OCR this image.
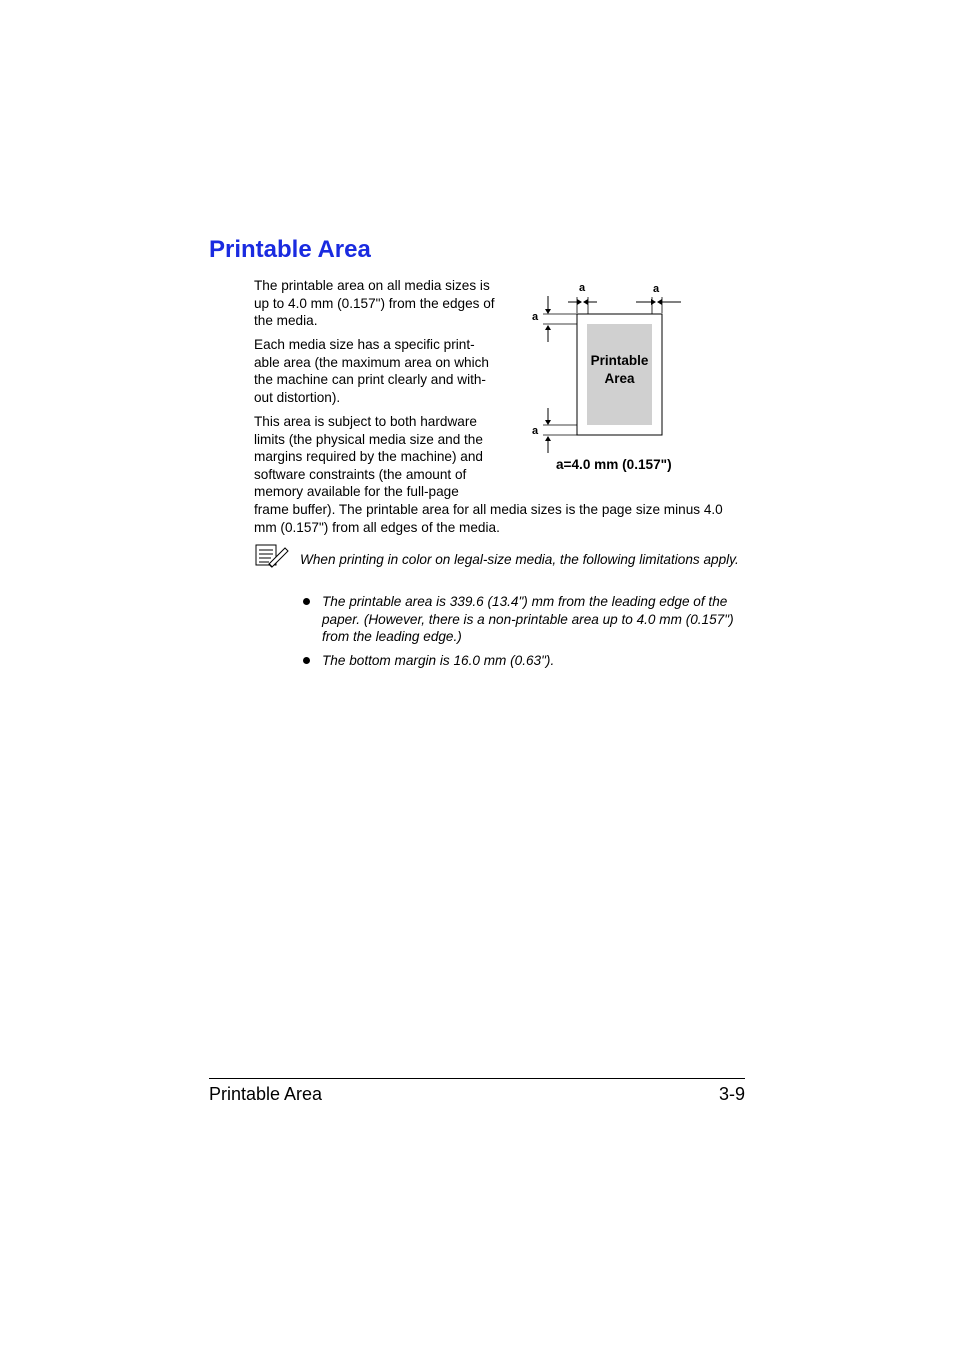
Printable Area

The printable area on all media sizes is up to 4.0 mm (0.157") from the edges of the media.

Each media size has a specific print-
able area (the maximum area on which the machine can print clearly and with-
out distortion).

This area is subject to both hardware limits (the physical media size and the margins required by the machine) and software constraints (the amount of memory available for the full-page

frame buffer). The printable area for all media sizes is the page size minus 4.0 mm (0.157") from all edges of the media.

a	a
a
a
Printable
Area
a=4.0 mm (0.157")

When printing in color on legal-size media, the following limitations apply.

The printable area is 339.6 (13.4") mm from the leading edge of the paper. (However, there is a non-printable area up to 4.0 mm (0.157") from the leading edge.)

The bottom margin is 16.0 mm (0.63").

Printable Area	3-9
